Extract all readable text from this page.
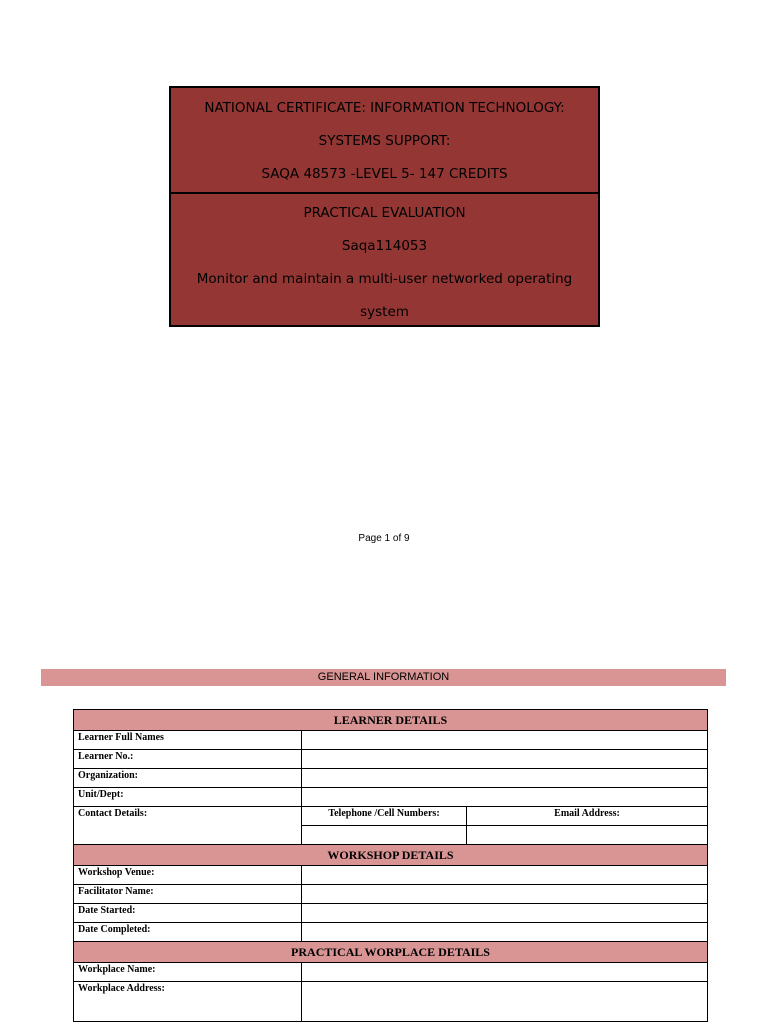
NATIONAL CERTIFICATE: INFORMATION TECHNOLOGY:
SYSTEMS SUPPORT:
SAQA 48573 -LEVEL 5- 147 CREDITS
PRACTICAL EVALUATION
Saqa114053
Monitor and maintain a multi-user networked operating
system
Page 1 of 9
GENERAL INFORMATION
LEARNER DETAILS		
Learner Full Names		
Learner No.:		
Organization:		
Unit/Dept:		
Contact Details:	Telephone /Cell Numbers:	Email Address:

WORKSHOP DETAILS		
Workshop Venue:		
Facilitator Name:		
Date Started:		
Date Completed:		
PRACTICAL WORPLACE DETAILS		
Workplace Name:		
Workplace Address:		
